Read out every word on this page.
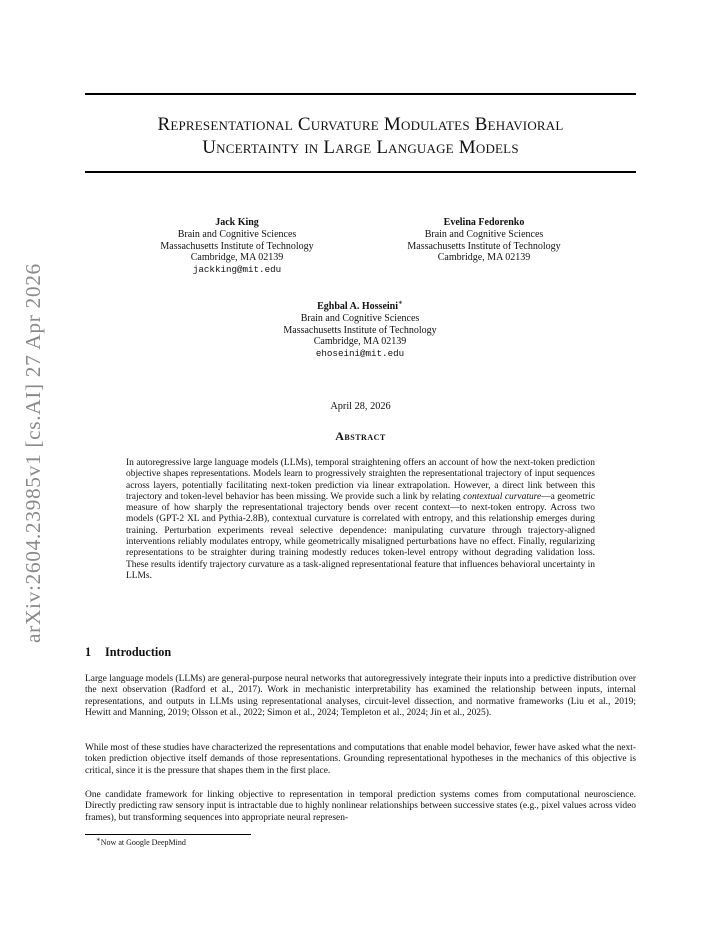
arXiv:2604.23985v1 [cs.AI] 27 Apr 2026
Representational Curvature Modulates Behavioral
Uncertainty in Large Language Models
Jack King
Brain and Cognitive Sciences
Massachusetts Institute of Technology
Cambridge, MA 02139
jackking@mit.edu
Evelina Fedorenko
Brain and Cognitive Sciences
Massachusetts Institute of Technology
Cambridge, MA 02139
Eghbal A. Hosseini∗
Brain and Cognitive Sciences
Massachusetts Institute of Technology
Cambridge, MA 02139
ehoseini@mit.edu
April 28, 2026
Abstract

In autoregressive large language models (LLMs), temporal straightening offers an account of how the next-token prediction objective shapes representations. Models learn to progressively straighten the representational trajectory of input sequences across layers, potentially facilitating next-token prediction via linear extrapolation. However, a direct link between this trajectory and token-level behavior has been missing. We provide such a link by relating contextual curvature—a geometric measure of how sharply the representational trajectory bends over recent context—to next-token entropy. Across two models (GPT-2 XL and Pythia-2.8B), contextual curvature is correlated with entropy, and this relationship emerges during training. Perturbation experiments reveal selective dependence: manipulating curvature through trajectory-aligned interventions reliably modulates entropy, while geometrically misaligned perturbations have no effect. Finally, regularizing representations to be straighter during training modestly reduces token-level entropy without degrading validation loss. These results identify trajectory curvature as a task-aligned representational feature that influences behavioral uncertainty in LLMs.

1 Introduction

Large language models (LLMs) are general-purpose neural networks that autoregressively integrate their inputs into a predictive distribution over the next observation (Radford et al., 2017). Work in mechanistic interpretability has examined the relationship between inputs, internal representations, and outputs in LLMs using representational analyses, circuit-level dissection, and normative frameworks (Liu et al., 2019; Hewitt and Manning, 2019; Olsson et al., 2022; Simon et al., 2024; Templeton et al., 2024; Jin et al., 2025).

While most of these studies have characterized the representations and computations that enable model behavior, fewer have asked what the next-token prediction objective itself demands of those representations. Grounding representational hypotheses in the mechanics of this objective is critical, since it is the pressure that shapes them in the first place.

One candidate framework for linking objective to representation in temporal prediction systems comes from computational neuroscience. Directly predicting raw sensory input is intractable due to highly nonlinear relationships between successive states (e.g., pixel values across video frames), but transforming sequences into appropriate neural represen-

∗Now at Google DeepMind
